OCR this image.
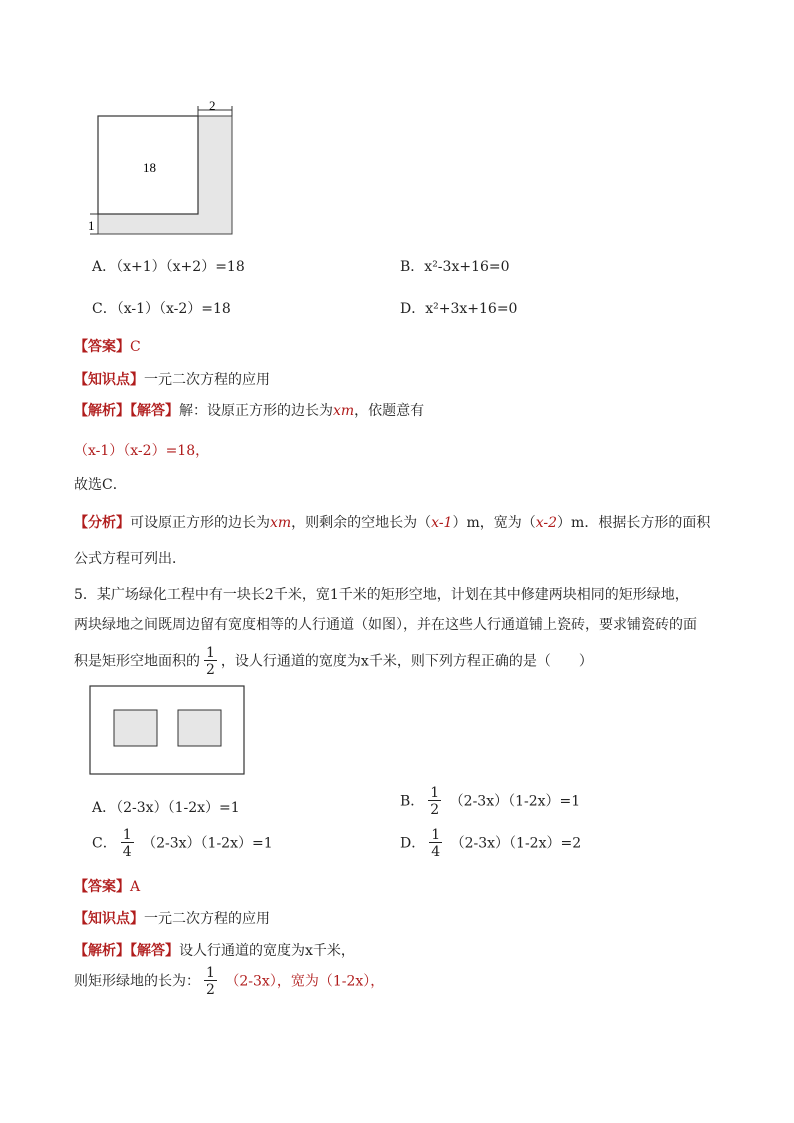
2
1
18
A．（x+1）（x+2）=18	B．x²-3x+16=0
C．（x-1）（x-2）=18	D．x²+3x+16=0
【答案】C
【知识点】一元二次方程的应用
【解析】【解答】解：设原正方形的边长为xm，依题意有
（x-1）（x-2）=18，
故选C．
【分析】可设原正方形的边长为xm，则剩余的空地长为（x-1）m，宽为（x-2）m．根据长方形的面积
公式方程可列出．
5．某广场绿化工程中有一块长2千米，宽1千米的矩形空地，计划在其中修建两块相同的矩形绿地，
两块绿地之间既周边留有宽度相等的人行通道（如图），并在这些人行通道铺上瓷砖，要求铺瓷砖的面
积是矩形空地面积的 $\frac{1}{2}$ ，设人行通道的宽度为x千米，则下列方程正确的是（　　）
A．（2-3x）（1-2x）=1	B． $\frac{1}{2} (2-3x)(1-2x)=1$
C． $\frac{1}{4} (2-3x)(1-2x)=1$	D． $\frac{1}{4} (2-3x)(1-2x)=2$
【答案】A
【知识点】一元二次方程的应用
【解析】【解答】设人行通道的宽度为x千米，
则矩形绿地的长为： $\frac{1}{2} (2-3x)$，宽为（1-2x），
